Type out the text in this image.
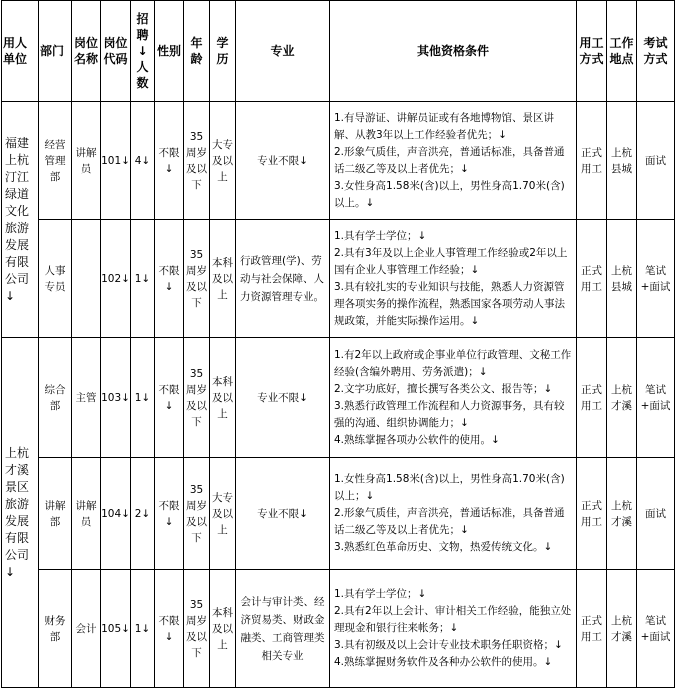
用人单位	部门	岗位名称	岗位代码	招聘↓人数	性别	年龄	学历	专业	其他资格条件	用工方式	工作地点	考试方式
福建上杭汀江绿道文化旅游发展有限公司↓	经营管理部	讲解员	101↓	4↓	不限↓	35周岁及以下	大专及以上	专业不限↓	1.有导游证、讲解员证或有各地博物馆、景区讲解、从教3年以上工作经验者优先；↓
2.形象气质佳，声音洪亮，普通话标准，具备普通话二级乙等及以上者优先；↓
3.女性身高1.58米(含)以上，男性身高1.70米(含)以上。↓	正式用工	上杭县城	面试
	人事专员		102↓	1↓	不限↓	35周岁及以下	本科及以上	行政管理(学)、劳动与社会保障、人力资源管理专业。	1.具有学士学位；↓
2.具有3年及以上企业人事管理工作经验或2年以上国有企业人事管理工作经验；↓
3.具有较扎实的专业知识与技能，熟悉人力资源管理各项实务的操作流程，熟悉国家各项劳动人事法规政策，并能实际操作运用。↓	正式用工	上杭县城	笔试+面试
上杭才溪景区旅游发展有限公司↓	综合部	主管	103↓	1↓	不限↓	35周岁及以下	本科及以上	专业不限↓	1.有2年以上政府或企事业单位行政管理、文秘工作经验(含编外聘用、劳务派遣)；↓
2.文字功底好，擅长撰写各类公文、报告等；↓
3.熟悉行政管理工作流程和人力资源事务，具有较强的沟通、组织协调能力；↓
4.熟练掌握各项办公软件的使用。↓	正式用工	上杭才溪	笔试+面试
	讲解部	讲解员	104↓	2↓	不限↓	35周岁及以下	大专及以上	专业不限↓	1.女性身高1.58米(含)以上，男性身高1.70米(含)以上；↓
2.形象气质佳，声音洪亮，普通话标准，具备普通话二级乙等及以上者优先；↓
3.熟悉红色革命历史、文物，热爱传统文化。↓	正式用工	上杭才溪	面试
	财务部	会计	105↓	1↓	不限↓	35周岁及以下	本科及以上	会计与审计类、经济贸易类、财政金融类、工商管理类相关专业	1.具有学士学位；↓
2.具有2年以上会计、审计相关工作经验，能独立处理现金和银行往来帐务；↓
3.具有初级及以上会计专业技术职务任职资格；↓
4.熟练掌握财务软件及各种办公软件的使用。↓	正式用工	上杭才溪	笔试+面试
